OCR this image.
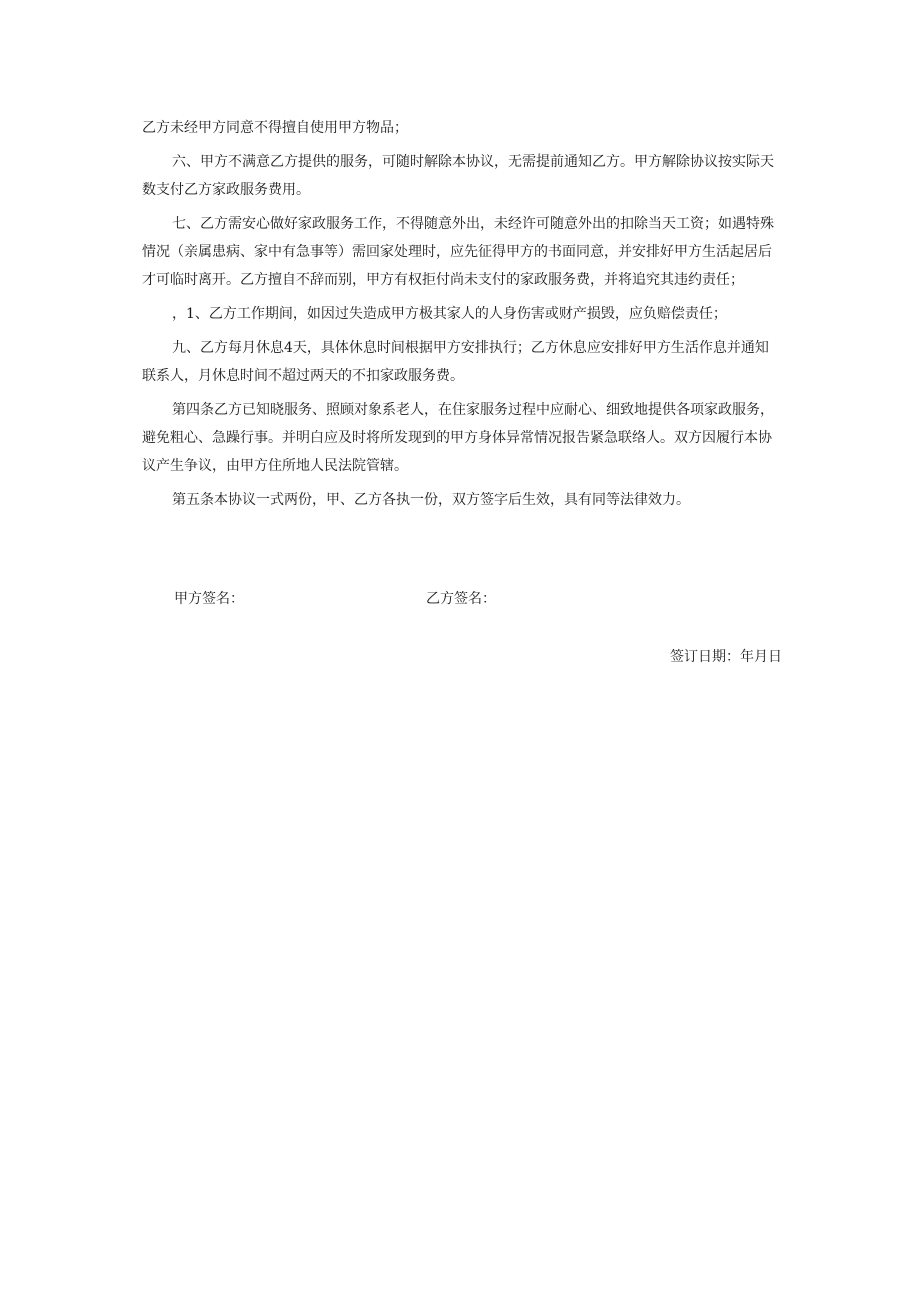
乙方未经甲方同意不得擅自使用甲方物品；

六、甲方不满意乙方提供的服务，可随时解除本协议，无需提前通知乙方。甲方解除协议按实际天数支付乙方家政服务费用。

七、乙方需安心做好家政服务工作，不得随意外出，未经许可随意外出的扣除当天工资；如遇特殊情况（亲属患病、家中有急事等）需回家处理时，应先征得甲方的书面同意，并安排好甲方生活起居后才可临时离开。乙方擅自不辞而别，甲方有权拒付尚未支付的家政服务费，并将追究其违约责任；

，1、乙方工作期间，如因过失造成甲方极其家人的人身伤害或财产损毁，应负赔偿责任；

九、乙方每月休息4天，具体休息时间根据甲方安排执行；乙方休息应安排好甲方生活作息并通知联系人，月休息时间不超过两天的不扣家政服务费。

第四条乙方已知晓服务、照顾对象系老人，在住家服务过程中应耐心、细致地提供各项家政服务，避免粗心、急躁行事。并明白应及时将所发现到的甲方身体异常情况报告紧急联络人。双方因履行本协议产生争议，由甲方住所地人民法院管辖。

第五条本协议一式两份，甲、乙方各执一份，双方签字后生效，具有同等法律效力。

甲方签名：	乙方签名：
签订日期：年月日
